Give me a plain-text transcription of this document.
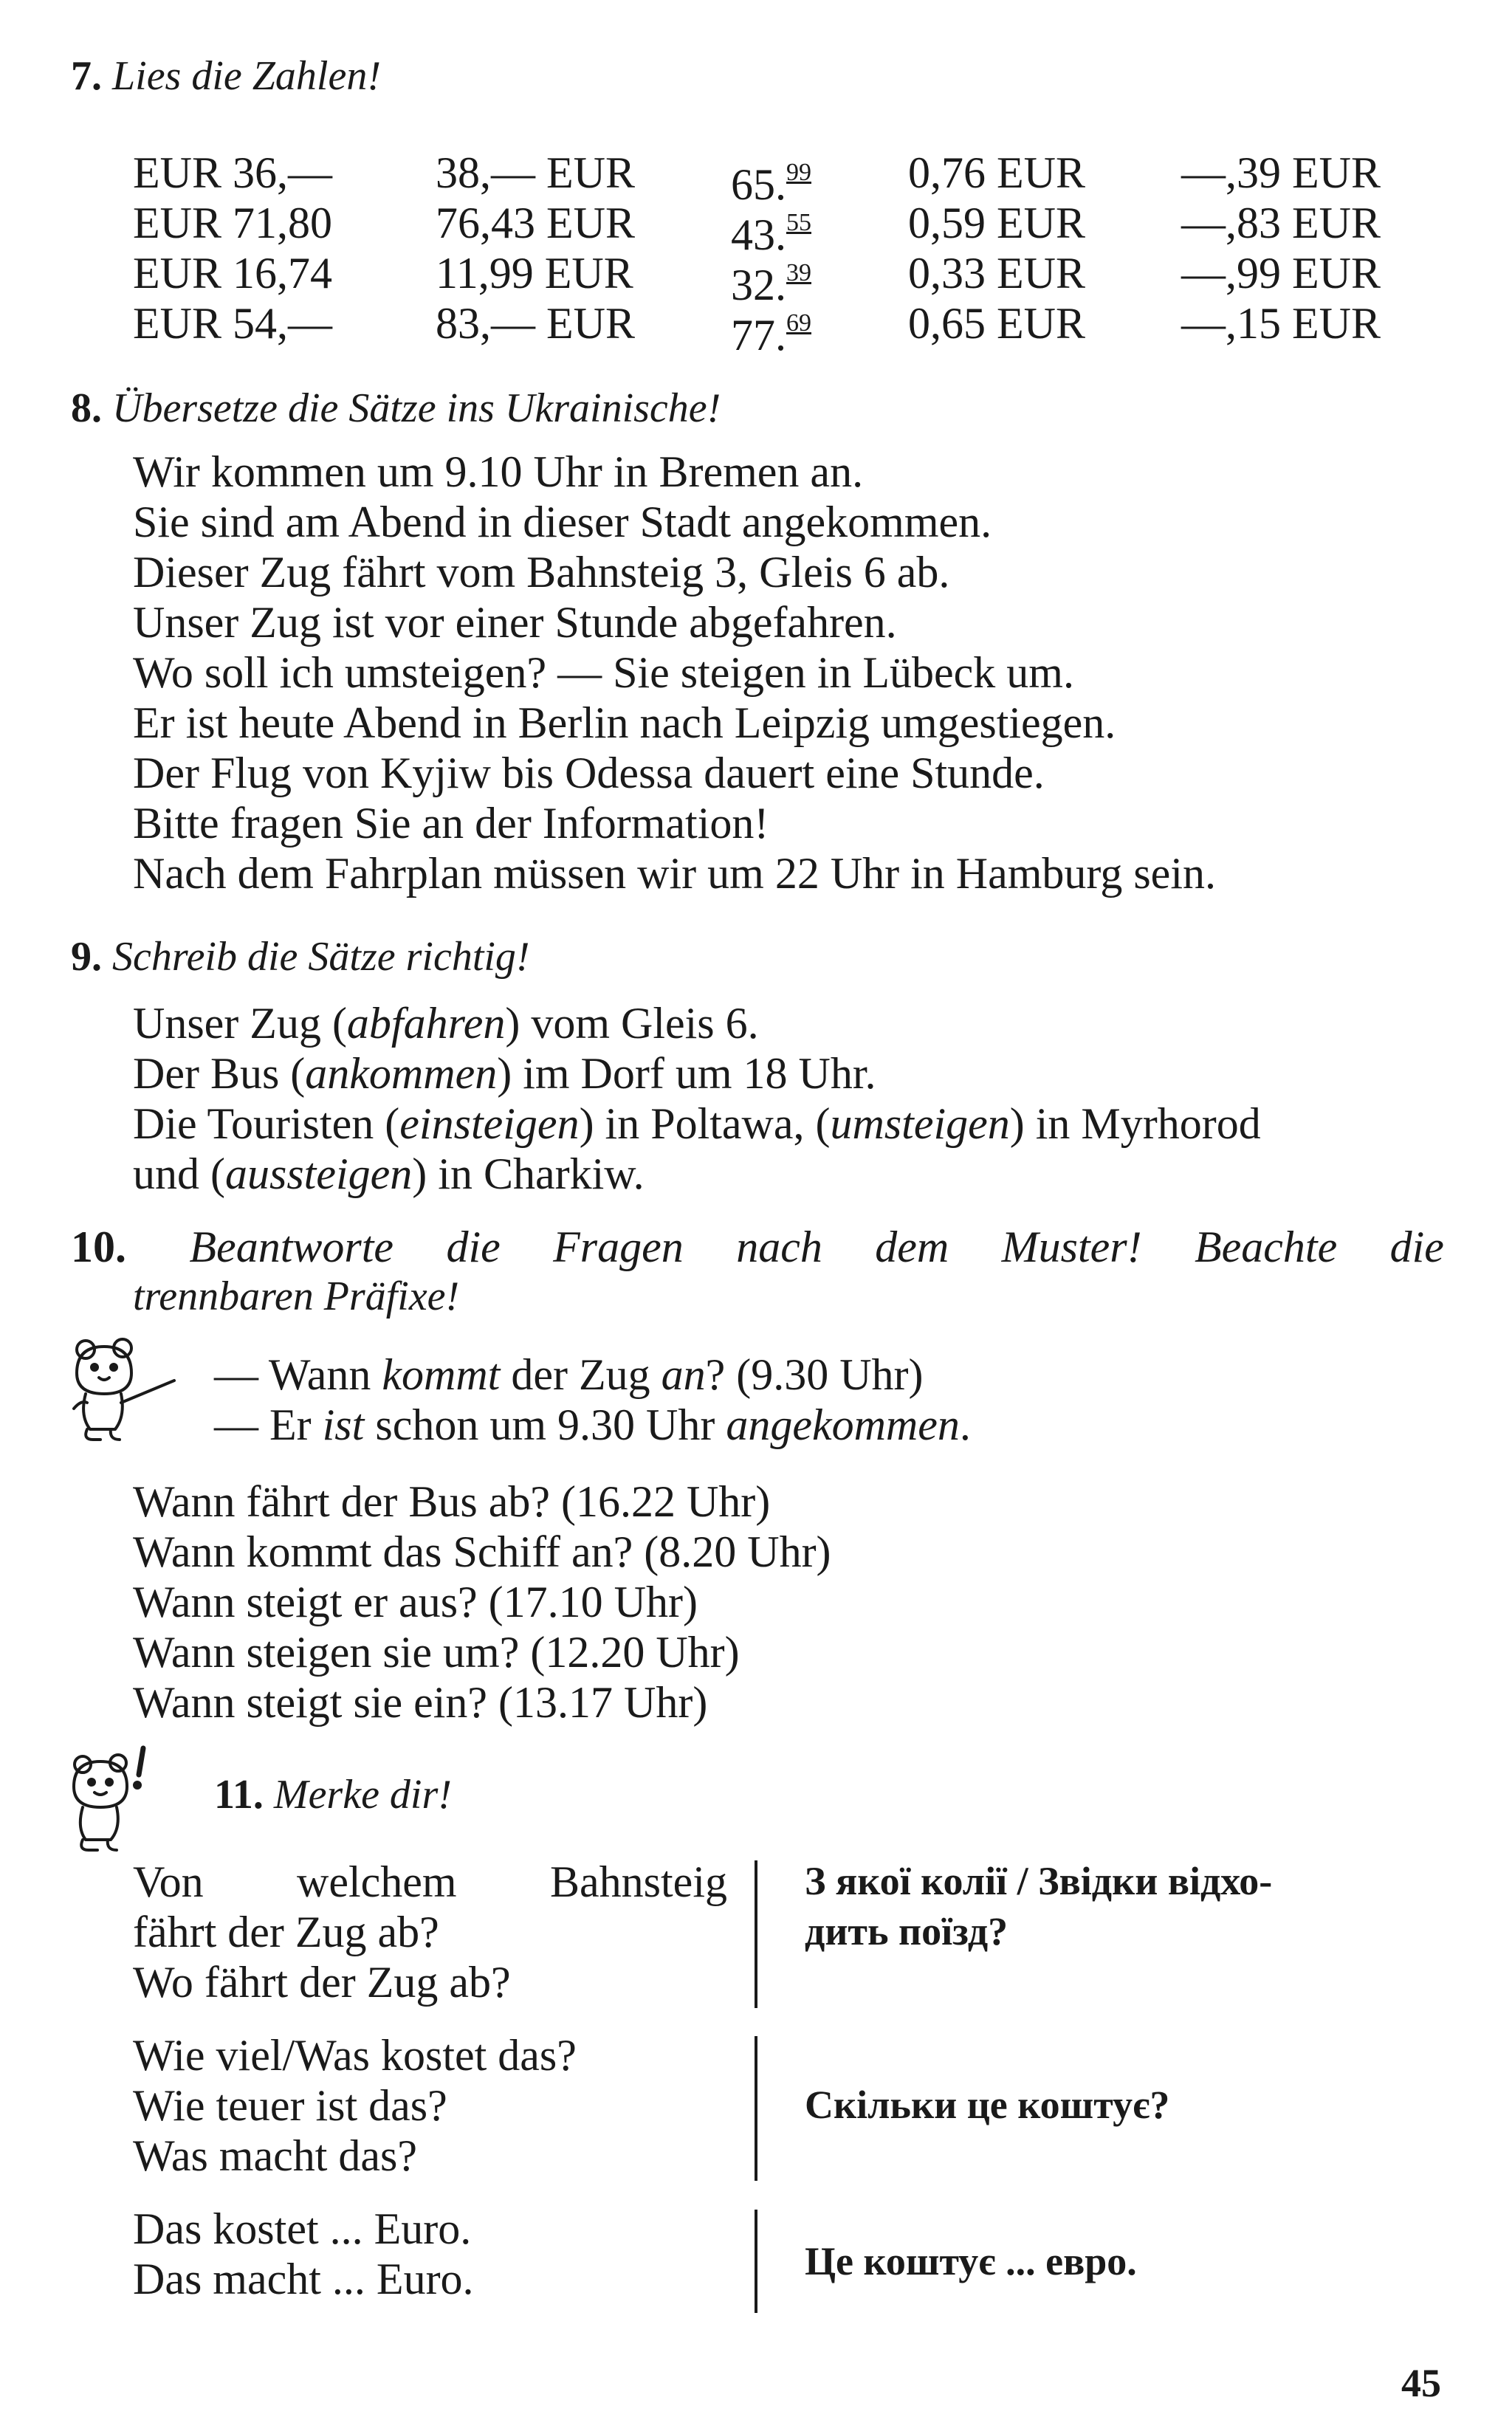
7. Lies die Zahlen!
EUR 36,— 38,— EUR 65.99 0,76 EUR —,39 EUR
EUR 71,80 76,43 EUR 43.55 0,59 EUR —,83 EUR
EUR 16,74 11,99 EUR 32.39 0,33 EUR —,99 EUR
EUR 54,— 83,— EUR 77.69 0,65 EUR —,15 EUR
8. Übersetze die Sätze ins Ukrainische!
Wir kommen um 9.10 Uhr in Bremen an.
Sie sind am Abend in dieser Stadt angekommen.
Dieser Zug fährt vom Bahnsteig 3, Gleis 6 ab.
Unser Zug ist vor einer Stunde abgefahren.
Wo soll ich umsteigen? — Sie steigen in Lübeck um.
Er ist heute Abend in Berlin nach Leipzig umgestiegen.
Der Flug von Kyjiw bis Odessa dauert eine Stunde.
Bitte fragen Sie an der Information!
Nach dem Fahrplan müssen wir um 22 Uhr in Hamburg sein.
9. Schreib die Sätze richtig!
Unser Zug (abfahren) vom Gleis 6.
Der Bus (ankommen) im Dorf um 18 Uhr.
Die Touristen (einsteigen) in Poltawa, (umsteigen) in Myrhorod
und (aussteigen) in Charkiw.
10. Beantworte die Fragen nach dem Muster! Beachte die
trennbaren Präfixe!
— Wann kommt der Zug an? (9.30 Uhr)
— Er ist schon um 9.30 Uhr angekommen.
Wann fährt der Bus ab? (16.22 Uhr)
Wann kommt das Schiff an? (8.20 Uhr)
Wann steigt er aus? (17.10 Uhr)
Wann steigen sie um? (12.20 Uhr)
Wann steigt sie ein? (13.17 Uhr)
11. Merke dir!
Von welchem Bahnsteig
fährt der Zug ab?
Wo fährt der Zug ab?
З якої колії / Звідки відхо-
дить поїзд?
Wie viel/Was kostet das?
Wie teuer ist das?
Was macht das?
Скільки це коштує?
Das kostet ... Euro.
Das macht ... Euro.	Це коштує ... евро.
45
